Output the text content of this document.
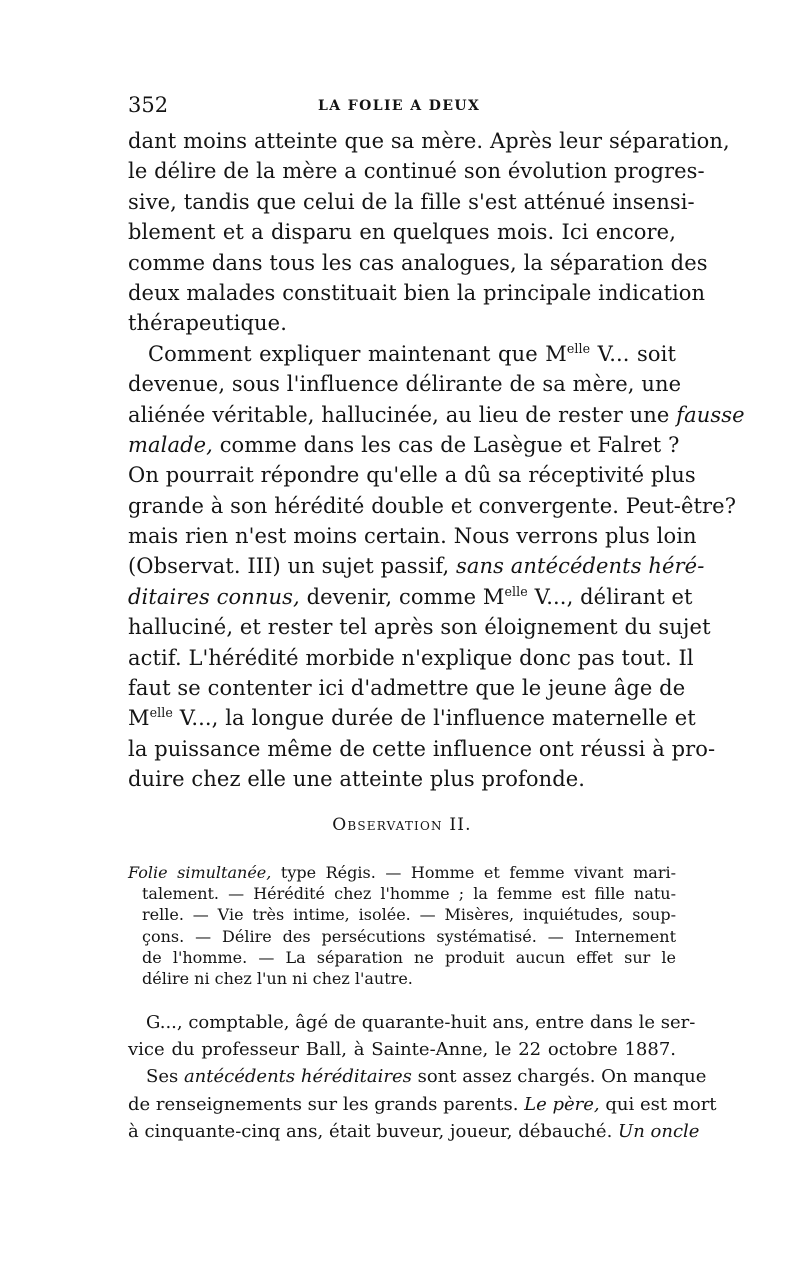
352	LA FOLIE A DEUX
dant moins atteinte que sa mère. Après leur séparation,
le délire de la mère a continué son évolution progres-
sive, tandis que celui de la fille s'est atténué insensi-
blement et a disparu en quelques mois. Ici encore,
comme dans tous les cas analogues, la séparation des
deux malades constituait bien la principale indication
thérapeutique.
Comment expliquer maintenant que $M^{elle}$ V... soit
devenue, sous l'influence délirante de sa mère, une
aliénée véritable, hallucinée, au lieu de rester une fausse
malade, comme dans les cas de Lasègue et Falret ?
On pourrait répondre qu'elle a dû sa réceptivité plus
grande à son hérédité double et convergente. Peut-être?
mais rien n'est moins certain. Nous verrons plus loin
(Observat. III) un sujet passif, sans antécédents héré-
ditaires connus, devenir, comme $M^{elle}$ V..., délirant et
halluciné, et rester tel après son éloignement du sujet
actif. L'hérédité morbide n'explique donc pas tout. Il
faut se contenter ici d'admettre que le jeune âge de
$M^{elle}$ V..., la longue durée de l'influence maternelle et
la puissance même de cette influence ont réussi à pro-
duire chez elle une atteinte plus profonde.
Observation II.
Folie simultanée, type Régis. — Homme et femme vivant mari-
talement. — Hérédité chez l'homme ; la femme est fille natu-
relle. — Vie très intime, isolée. — Misères, inquiétudes, soup-
çons. — Délire des persécutions systématisé. — Internement
de l'homme. — La séparation ne produit aucun effet sur le
délire ni chez l'un ni chez l'autre.
G..., comptable, âgé de quarante-huit ans, entre dans le ser-
vice du professeur Ball, à Sainte-Anne, le 22 octobre 1887.
Ses antécédents héréditaires sont assez chargés. On manque
de renseignements sur les grands parents. Le père, qui est mort
à cinquante-cinq ans, était buveur, joueur, débauché. Un oncle
